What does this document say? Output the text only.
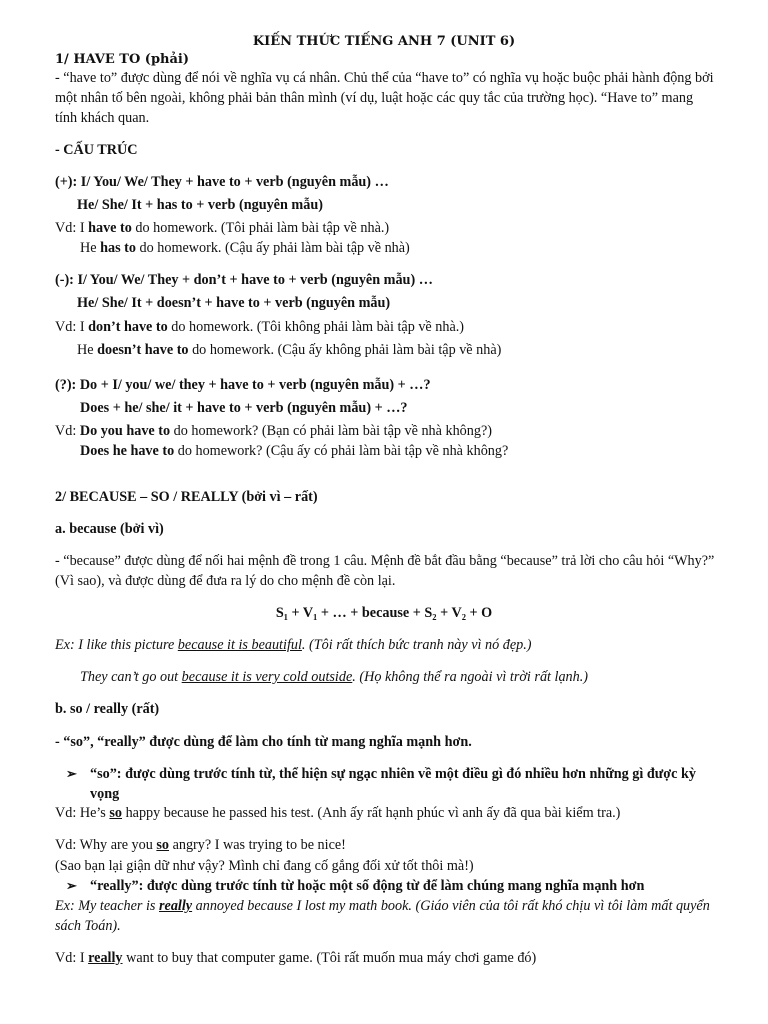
KIẾN THỨC TIẾNG ANH 7 (UNIT 6)
1/ HAVE TO (phải)
- “have to” được dùng để nói về nghĩa vụ cá nhân. Chủ thể của “have to” có nghĩa vụ hoặc buộc phải hành động bởi một nhân tố bên ngoài, không phải bản thân mình (ví dụ, luật hoặc các quy tắc của trường học). “Have to” mang tính khách quan.
- CẤU TRÚC
(+): I/ You/ We/ They + have to + verb (nguyên mẫu) …
He/ She/ It + has to + verb (nguyên mẫu)
Vd: I have to do homework. (Tôi phải làm bài tập về nhà.)
He has to do homework. (Cậu ấy phải làm bài tập về nhà)
(-): I/ You/ We/ They + don’t + have to + verb (nguyên mẫu) …
He/ She/ It + doesn’t + have to + verb (nguyên mẫu)
Vd: I don’t have to do homework. (Tôi không phải làm bài tập về nhà.)
He doesn’t have to do homework. (Cậu ấy không phải làm bài tập về nhà)
(?): Do + I/ you/ we/ they + have to + verb (nguyên mẫu) + …?
Does + he/ she/ it + have to + verb (nguyên mẫu) + …?
Vd: Do you have to do homework? (Bạn có phải làm bài tập về nhà không?)
Does he have to do homework? (Cậu ấy có phải làm bài tập về nhà không?
2/ BECAUSE – SO / REALLY (bởi vì – rất)
a. because (bởi vì)
- “because” được dùng để nối hai mệnh đề trong 1 câu. Mệnh đề bắt đầu bằng “because” trả lời cho câu hỏi “Why?” (Vì sao), và được dùng để đưa ra lý do cho mệnh đề còn lại.
S₁ + V₁ + … + because + S₂ + V₂ + O
Ex: I like this picture because it is beautiful. (Tôi rất thích bức tranh này vì nó đẹp.)
They can’t go out because it is very cold outside. (Họ không thể ra ngoài vì trời rất lạnh.)
b. so / really (rất)
- “so”, “really” được dùng để làm cho tính từ mang nghĩa mạnh hơn.
➢ “so”: được dùng trước tính từ, thể hiện sự ngạc nhiên về một điều gì đó nhiều hơn những gì được kỳ
vọng
Vd: He’s so happy because he passed his test. (Anh ấy rất hạnh phúc vì anh ấy đã qua bài kiểm tra.)
Vd: Why are you so angry? I was trying to be nice!
(Sao bạn lại giận dữ như vậy? Mình chỉ đang cố gắng đối xử tốt thôi mà!)
➢ “really”: được dùng trước tính từ hoặc một số động từ để làm chúng mang nghĩa mạnh hơn
Ex: My teacher is really annoyed because I lost my math book. (Giáo viên của tôi rất khó chịu vì tôi làm mất quyển sách Toán).
Vd: I really want to buy that computer game. (Tôi rất muốn mua máy chơi game đó)
